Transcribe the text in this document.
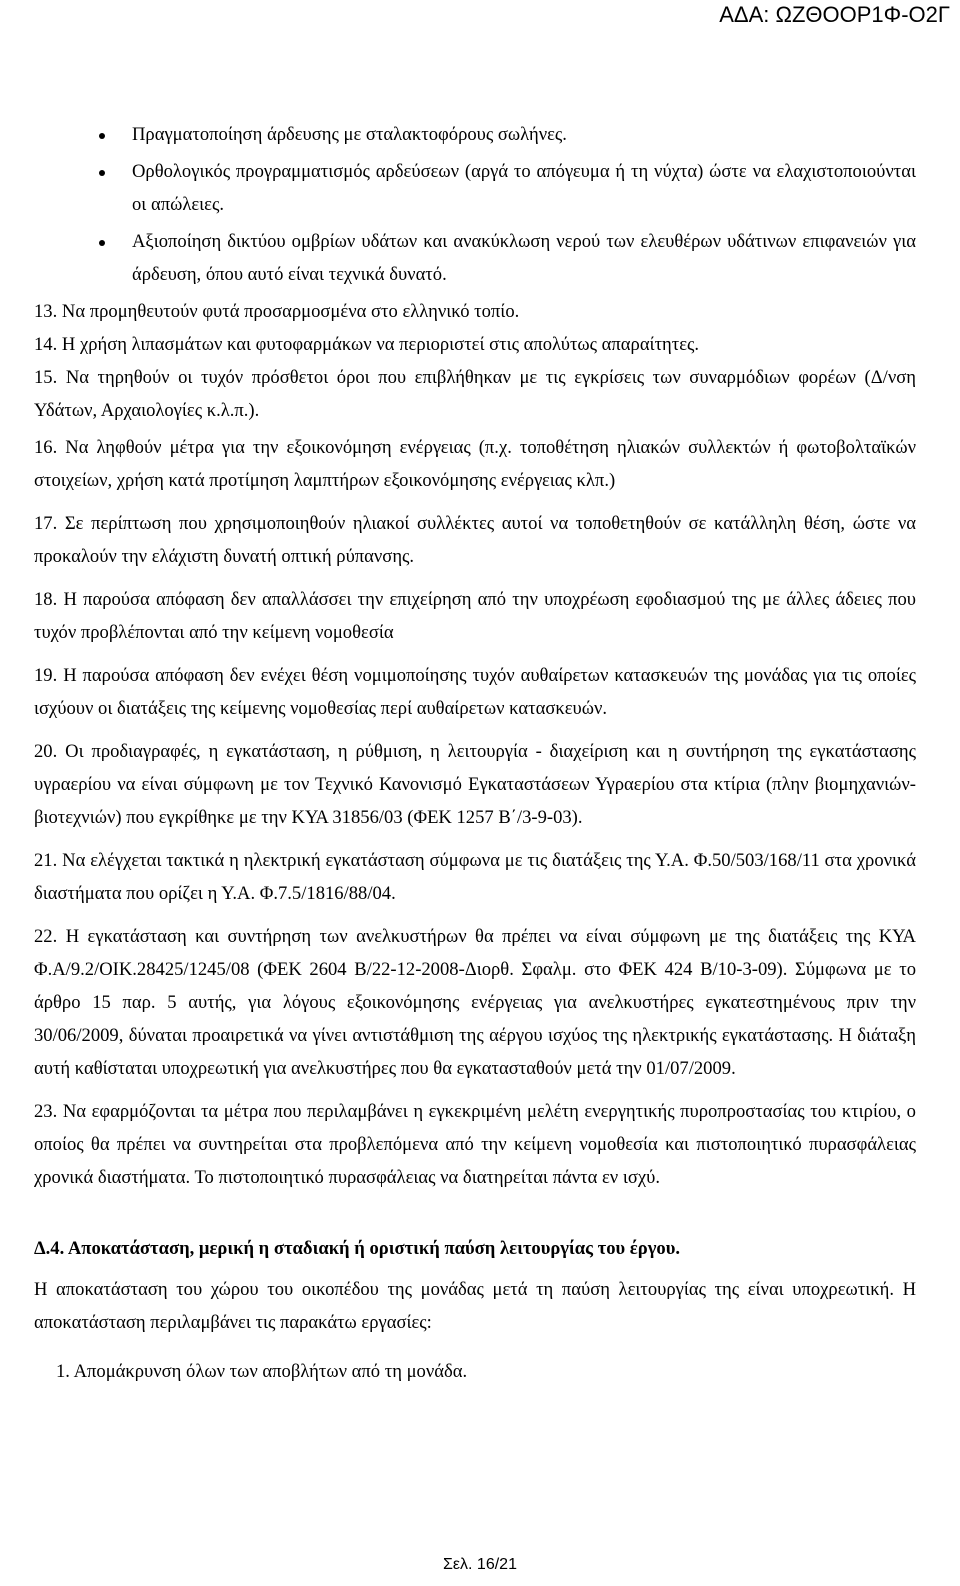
ΑΔΑ: ΩΖΘΟΟΡ1Φ-Ο2Γ
Πραγματοποίηση άρδευσης με σταλακτοφόρους σωλήνες.
Ορθολογικός προγραμματισμός αρδεύσεων (αργά το απόγευμα ή τη νύχτα) ώστε να ελαχιστοποιούνται οι απώλειες.
Αξιοποίηση δικτύου ομβρίων υδάτων και ανακύκλωση νερού των ελευθέρων υδάτινων επιφανειών για άρδευση, όπου αυτό είναι τεχνικά δυνατό.
13. Να προμηθευτούν φυτά προσαρμοσμένα στο ελληνικό τοπίο.
14. Η χρήση λιπασμάτων και φυτοφαρμάκων να περιοριστεί στις απολύτως απαραίτητες.
15. Να τηρηθούν οι τυχόν πρόσθετοι όροι που επιβλήθηκαν με τις εγκρίσεις των συναρμόδιων φορέων (Δ/νση Υδάτων, Αρχαιολογίες κ.λ.π.).
16. Να ληφθούν μέτρα για την εξοικονόμηση ενέργειας (π.χ. τοποθέτηση ηλιακών συλλεκτών ή φωτοβολταϊκών στοιχείων, χρήση κατά προτίμηση λαμπτήρων εξοικονόμησης ενέργειας κλπ.)
17. Σε περίπτωση που χρησιμοποιηθούν ηλιακοί συλλέκτες αυτοί να τοποθετηθούν σε κατάλληλη θέση, ώστε να προκαλούν την ελάχιστη δυνατή οπτική ρύπανσης.
18. Η παρούσα απόφαση δεν απαλλάσσει την επιχείρηση από την υποχρέωση εφοδιασμού της με άλλες άδειες που τυχόν προβλέπονται από την κείμενη νομοθεσία
19. Η παρούσα απόφαση δεν ενέχει θέση νομιμοποίησης τυχόν αυθαίρετων κατασκευών της μονάδας για τις οποίες ισχύουν οι διατάξεις της κείμενης νομοθεσίας περί αυθαίρετων κατασκευών.
20. Οι προδιαγραφές, η εγκατάσταση, η ρύθμιση, η λειτουργία - διαχείριση και η συντήρηση της εγκατάστασης υγραερίου να είναι σύμφωνη με τον Τεχνικό Κανονισμό Εγκαταστάσεων Υγραερίου στα κτίρια (πλην βιομηχανιών-βιοτεχνιών) που εγκρίθηκε με την ΚΥΑ 31856/03 (ΦΕΚ 1257 Β΄/3-9-03).
21. Να ελέγχεται τακτικά η ηλεκτρική εγκατάσταση σύμφωνα με τις διατάξεις της Υ.Α. Φ.50/503/168/11 στα χρονικά διαστήματα που ορίζει η Υ.Α. Φ.7.5/1816/88/04.
22. Η εγκατάσταση και συντήρηση των ανελκυστήρων θα πρέπει να είναι σύμφωνη με της διατάξεις της ΚΥΑ Φ.Α/9.2/ΟΙΚ.28425/1245/08 (ΦΕΚ 2604 Β/22-12-2008-Διορθ. Σφαλμ. στο ΦΕΚ 424 Β/10-3-09). Σύμφωνα με το άρθρο 15 παρ. 5 αυτής, για λόγους εξοικονόμησης ενέργειας για ανελκυστήρες εγκατεστημένους πριν την 30/06/2009, δύναται προαιρετικά να γίνει αντιστάθμιση της αέργου ισχύος της ηλεκτρικής εγκατάστασης. Η διάταξη αυτή καθίσταται υποχρεωτική για ανελκυστήρες που θα εγκατασταθούν μετά την 01/07/2009.
23. Να εφαρμόζονται τα μέτρα που περιλαμβάνει η εγκεκριμένη μελέτη ενεργητικής πυροπροστασίας του κτιρίου, ο οποίος θα πρέπει να συντηρείται στα προβλεπόμενα από την κείμενη νομοθεσία και πιστοποιητικό πυρασφάλειας χρονικά διαστήματα. Το πιστοποιητικό πυρασφάλειας να διατηρείται πάντα εν ισχύ.
Δ.4. Αποκατάσταση, μερική η σταδιακή ή οριστική παύση λειτουργίας του έργου.
Η αποκατάσταση του χώρου του οικοπέδου της μονάδας μετά τη παύση λειτουργίας της είναι υποχρεωτική. Η αποκατάσταση περιλαμβάνει τις παρακάτω εργασίες:
1. Απομάκρυνση όλων των αποβλήτων από τη μονάδα.
Σελ. 16/21
